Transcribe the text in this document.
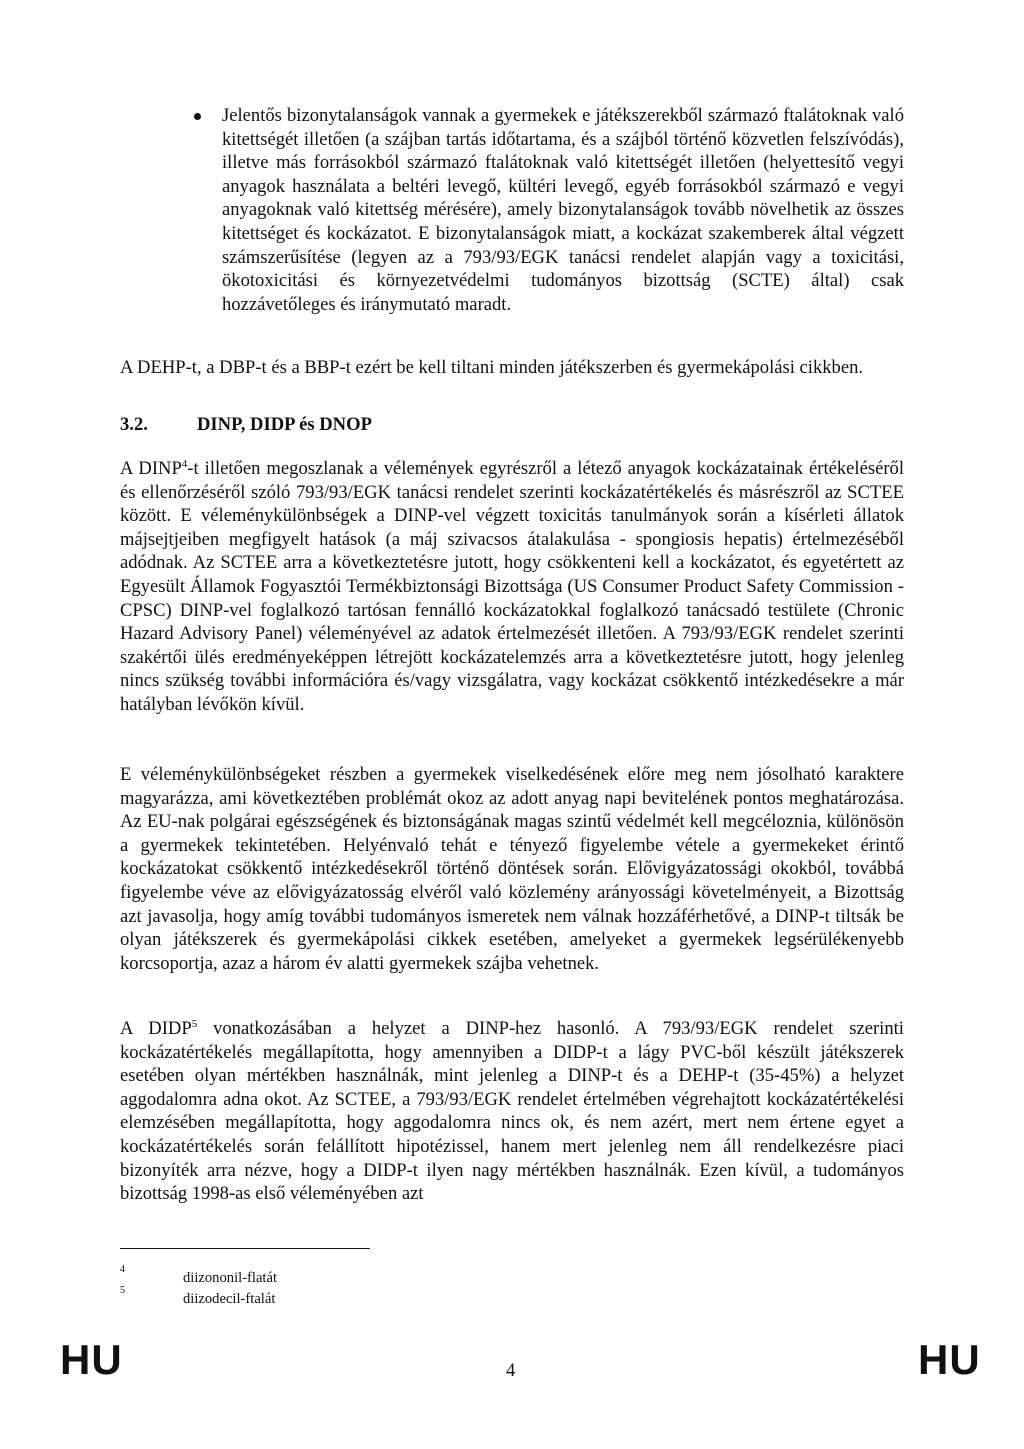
Jelentős bizonytalanságok vannak a gyermekek e játékszerekből származó ftalátoknak való kitettségét illetően (a szájban tartás időtartama, és a szájból történő közvetlen felszívódás), illetve más forrásokból származó ftalátoknak való kitettségét illetően (helyettesítő vegyi anyagok használata a beltéri levegő, kültéri levegő, egyéb forrásokból származó e vegyi anyagoknak való kitettség mérésére), amely bizonytalanságok tovább növelhetik az összes kitettséget és kockázatot. E bizonytalanságok miatt, a kockázat szakemberek által végzett számszerűsítése (legyen az a 793/93/EGK tanácsi rendelet alapján vagy a toxicitási, ökotoxicitási és környezetvédelmi tudományos bizottság (SCTE) által) csak hozzávetőleges és iránymutató maradt.

A DEHP-t, a DBP-t és a BBP-t ezért be kell tiltani minden játékszerben és gyermekápolási cikkben.

3.2.	DINP, DIDP és DNOP

A DINP$^4$-t illetően megoszlanak a vélemények egyrészről a létező anyagok kockázatainak értékeléséről és ellenőrzéséről szóló 793/93/EGK tanácsi rendelet szerinti kockázatértékelés és másrészről az SCTEE között. E véleménykülönbségek a DINP-vel végzett toxicitás tanulmányok során a kísérleti állatok májsejtjeiben megfigyelt hatások (a máj szivacsos átalakulása - spongiosis hepatis) értelmezéséből adódnak. Az SCTEE arra a következtetésre jutott, hogy csökkenteni kell a kockázatot, és egyetértett az Egyesült Államok Fogyasztói Termékbiztonsági Bizottsága (US Consumer Product Safety Commission - CPSC) DINP-vel foglalkozó tartósan fennálló kockázatokkal foglalkozó tanácsadó testülete (Chronic Hazard Advisory Panel) véleményével az adatok értelmezését illetően. A 793/93/EGK rendelet szerinti szakértői ülés eredményeképpen létrejött kockázatelemzés arra a következtetésre jutott, hogy jelenleg nincs szükség további információra és/vagy vizsgálatra, vagy kockázat csökkentő intézkedésekre a már hatályban lévőkön kívül.

E véleménykülönbségeket részben a gyermekek viselkedésének előre meg nem jósolható karaktere magyarázza, ami következtében problémát okoz az adott anyag napi bevitelének pontos meghatározása. Az EU-nak polgárai egészségének és biztonságának magas szintű védelmét kell megcéloznia, különösön a gyermekek tekintetében. Helyénvaló tehát e tényező figyelembe vétele a gyermekeket érintő kockázatokat csökkentő intézkedésekről történő döntések során. Elővigyázatossági okokból, továbbá figyelembe véve az elővigyázatosság elvéről való közlemény arányossági követelményeit, a Bizottság azt javasolja, hogy amíg további tudományos ismeretek nem válnak hozzáférhetővé, a DINP-t tiltsák be olyan játékszerek és gyermekápolási cikkek esetében, amelyeket a gyermekek legsérülékenyebb korcsoportja, azaz a három év alatti gyermekek szájba vehetnek.

A DIDP$^5$ vonatkozásában a helyzet a DINP-hez hasonló. A 793/93/EGK rendelet szerinti kockázatértékelés megállapította, hogy amennyiben a DIDP-t a lágy PVC-ből készült játékszerek esetében olyan mértékben használnák, mint jelenleg a DINP-t és a DEHP-t (35-45%) a helyzet aggodalomra adna okot. Az SCTEE, a 793/93/EGK rendelet értelmében végrehajtott kockázatértékelési elemzésében megállapította, hogy aggodalomra nincs ok, és nem azért, mert nem értene egyet a kockázatértékelés során felállított hipotézissel, hanem mert jelenleg nem áll rendelkezésre piaci bizonyíték arra nézve, hogy a DIDP-t ilyen nagy mértékben használnák. Ezen kívül, a tudományos bizottság 1998-as első véleményében azt

4
diizononil-flatát
5
diizodecil-ftalát
HU	4	HU
